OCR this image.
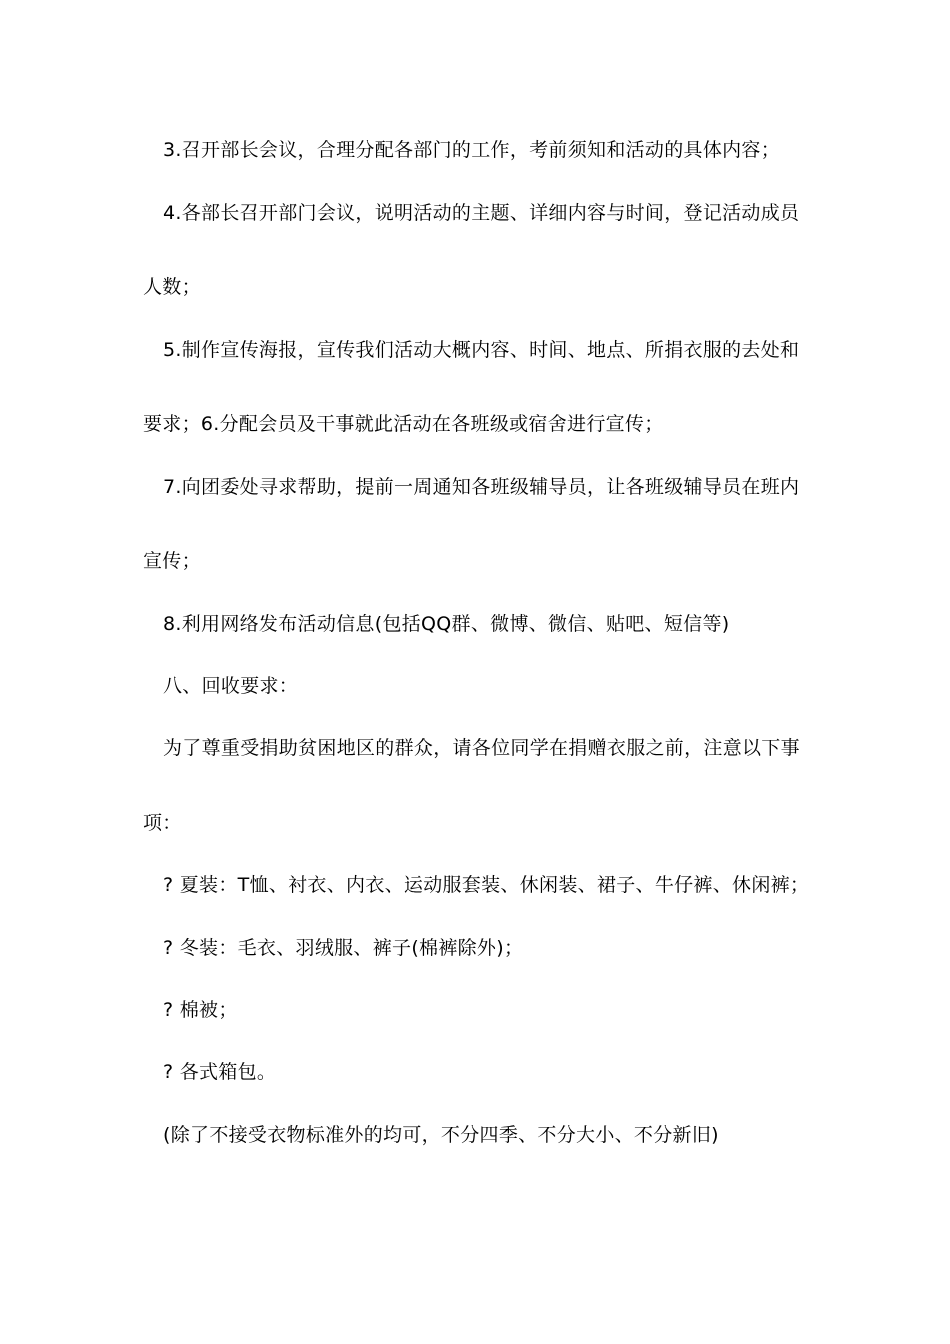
3.召开部长会议，合理分配各部门的工作，考前须知和活动的具体内容；
4.各部长召开部门会议，说明活动的主题、详细内容与时间，登记活动成员
人数；
5.制作宣传海报，宣传我们活动大概内容、时间、地点、所捐衣服的去处和
要求；6.分配会员及干事就此活动在各班级或宿舍进行宣传；
7.向团委处寻求帮助，提前一周通知各班级辅导员，让各班级辅导员在班内
宣传；
8.利用网络发布活动信息(包括QQ群、微博、微信、贴吧、短信等)
八、回收要求：
为了尊重受捐助贫困地区的群众，请各位同学在捐赠衣服之前，注意以下事
项：
? 夏装：T恤、衬衣、内衣、运动服套装、休闲装、裙子、牛仔裤、休闲裤；
? 冬装：毛衣、羽绒服、裤子(棉裤除外)；
? 棉被；
? 各式箱包。
(除了不接受衣物标准外的均可，不分四季、不分大小、不分新旧)
